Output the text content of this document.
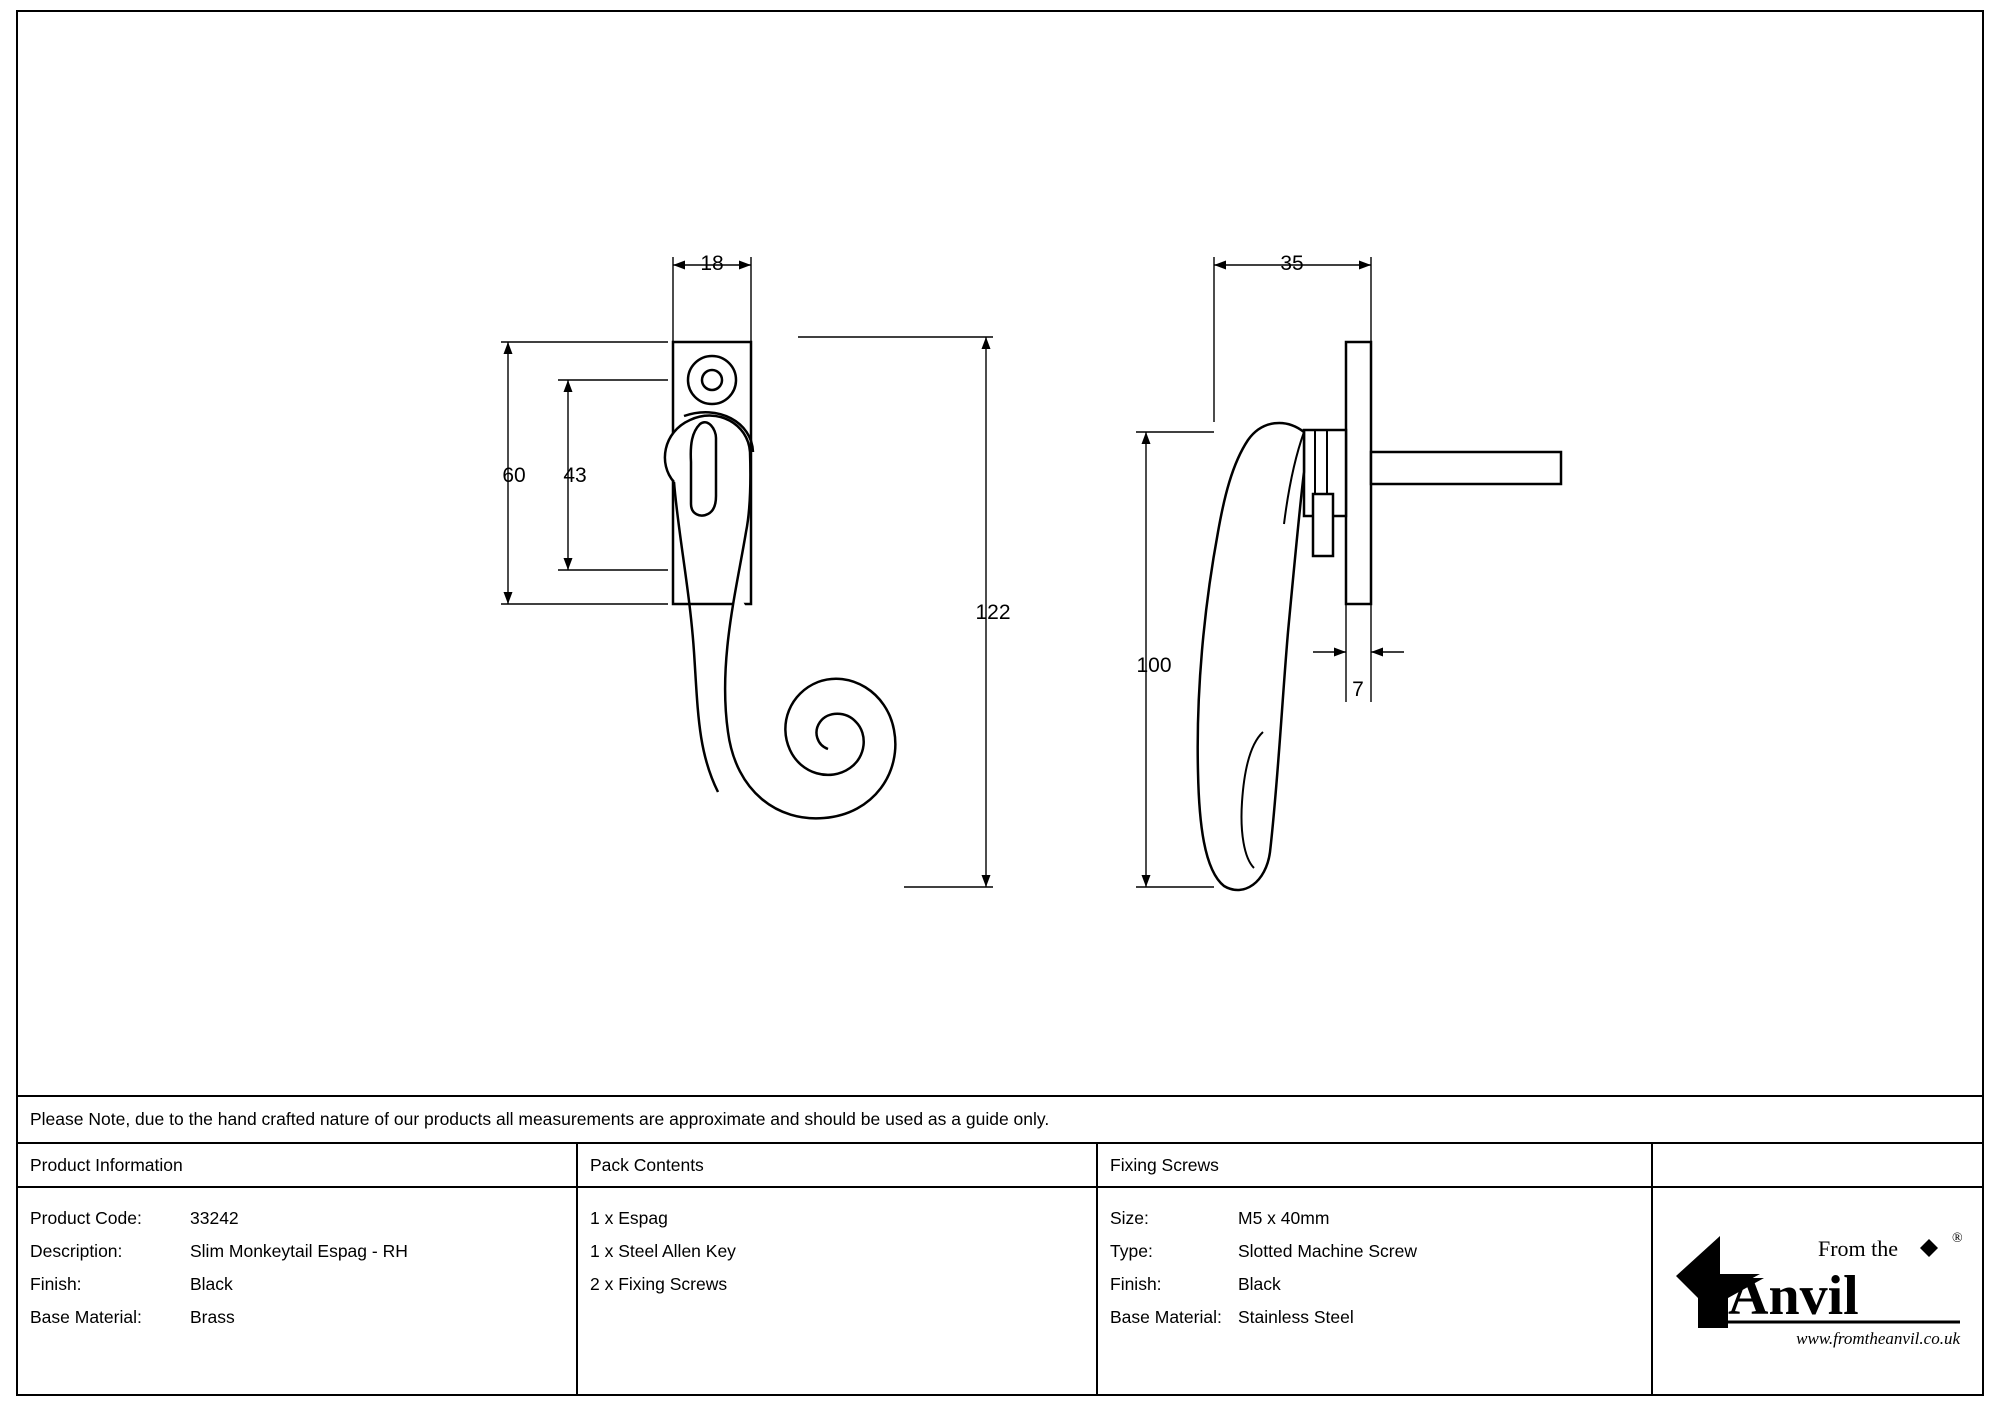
18
60 43
122
35
100
7
Please Note, due to the hand crafted nature of our products all measurements are approximate and should be used as a guide only.
Product Information	Pack Contents	Fixing Screws
Product Code:	33242
Description:	Slim Monkeytail Espag - RH
Finish:	Black
Base Material:	Brass
1 x Espag
1 x Steel Allen Key
2 x Fixing Screws
Size:	M5 x 40mm
Type:	Slotted Machine Screw
Finish:	Black
Base Material: Stainless Steel
From the	®
Anvil
www.fromtheanvil.co.uk
